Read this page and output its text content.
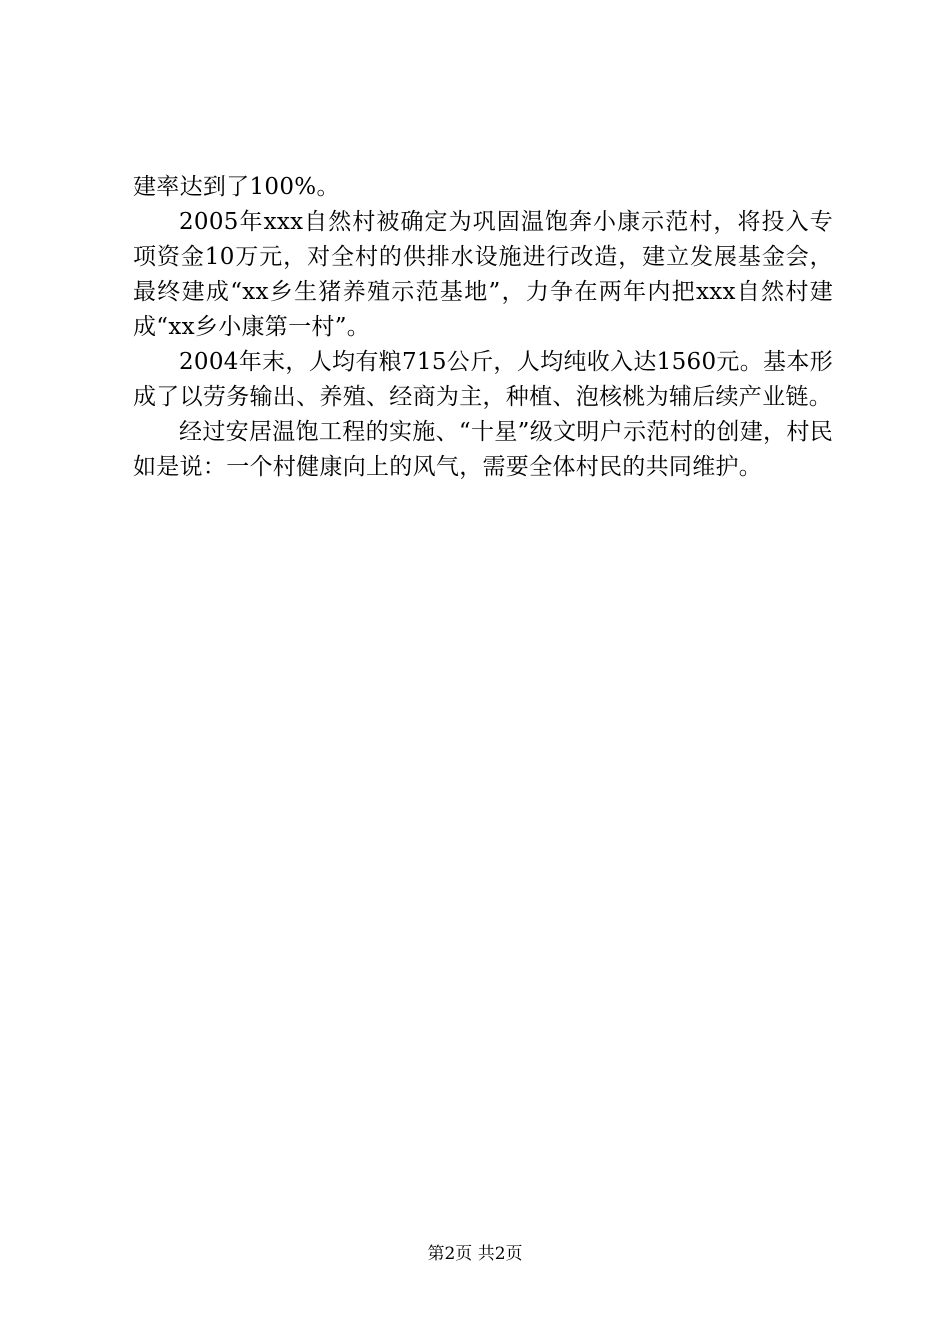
建率达到了100%。

2005年xxx自然村被确定为巩固温饱奔小康示范村，将投入专项资金10万元，对全村的供排水设施进行改造，建立发展基金会，最终建成“xx乡生猪养殖示范基地”，力争在两年内把xxx自然村建成“xx乡小康第一村”。

2004年末，人均有粮715公斤，人均纯收入达1560元。基本形成了以劳务输出、养殖、经商为主，种植、泡核桃为辅后续产业链。

经过安居温饱工程的实施、“十星”级文明户示范村的创建，村民如是说：一个村健康向上的风气，需要全体村民的共同维护。

第2页 共2页
